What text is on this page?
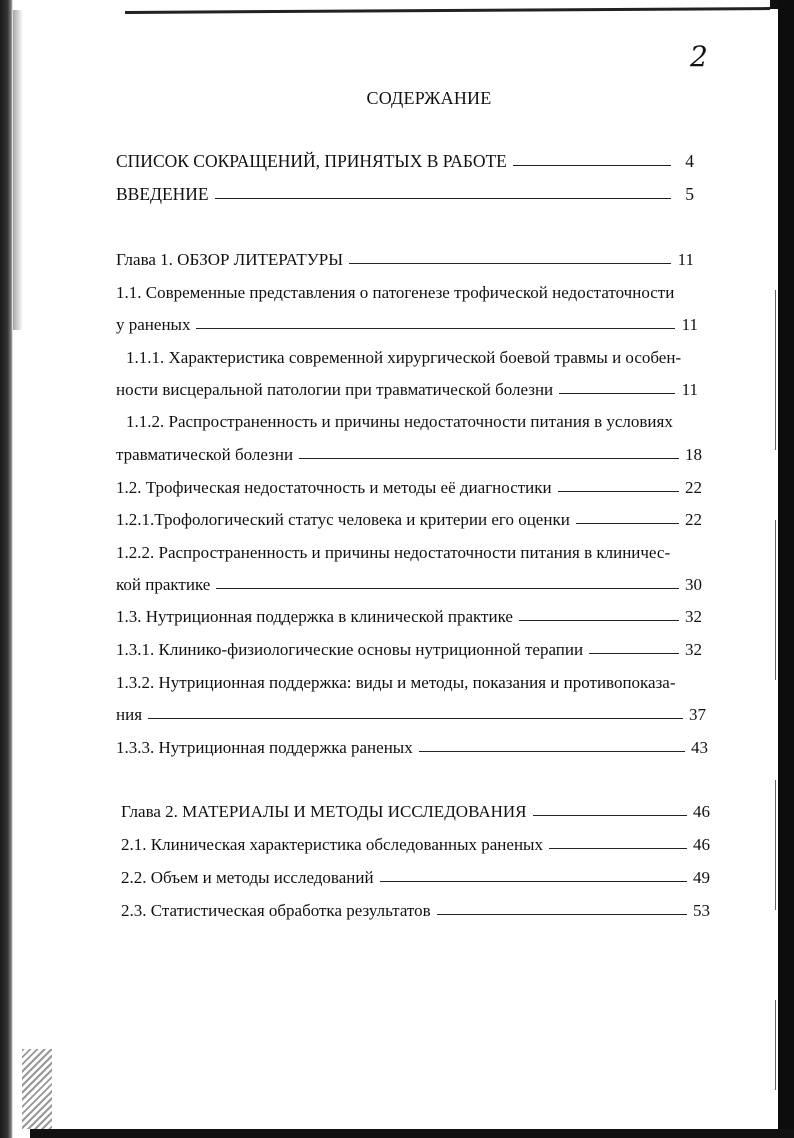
2
СОДЕРЖАНИЕ
СПИСОК СОКРАЩЕНИЙ, ПРИНЯТЫХ В РАБОТЕ	4
ВВЕДЕНИЕ	5
Глава 1. ОБЗОР ЛИТЕРАТУРЫ	11
1.1. Современные представления о патогенезе трофической недостаточности
у раненых	11
1.1.1. Характеристика современной хирургической боевой травмы и особен-
ности висцеральной патологии при травматической болезни	11
1.1.2. Распространенность и причины недостаточности питания в условиях
травматической болезни	18
1.2. Трофическая недостаточность и методы её диагностики	22
1.2.1.Трофологический статус человека и критерии его оценки	22
1.2.2. Распространенность и причины недостаточности питания в клиничес-
кой практике	30
1.3. Нутриционная поддержка в клинической практике	32
1.3.1. Клинико-физиологические основы нутриционной терапии	32
1.3.2. Нутриционная поддержка: виды и методы, показания и противопоказа-
ния	37
1.3.3. Нутриционная поддержка раненых	43
Глава 2. МАТЕРИАЛЫ И МЕТОДЫ ИССЛЕДОВАНИЯ	46
2.1. Клиническая характеристика обследованных раненых	46
2.2. Объем и методы исследований	49
2.3. Статистическая обработка результатов	53
